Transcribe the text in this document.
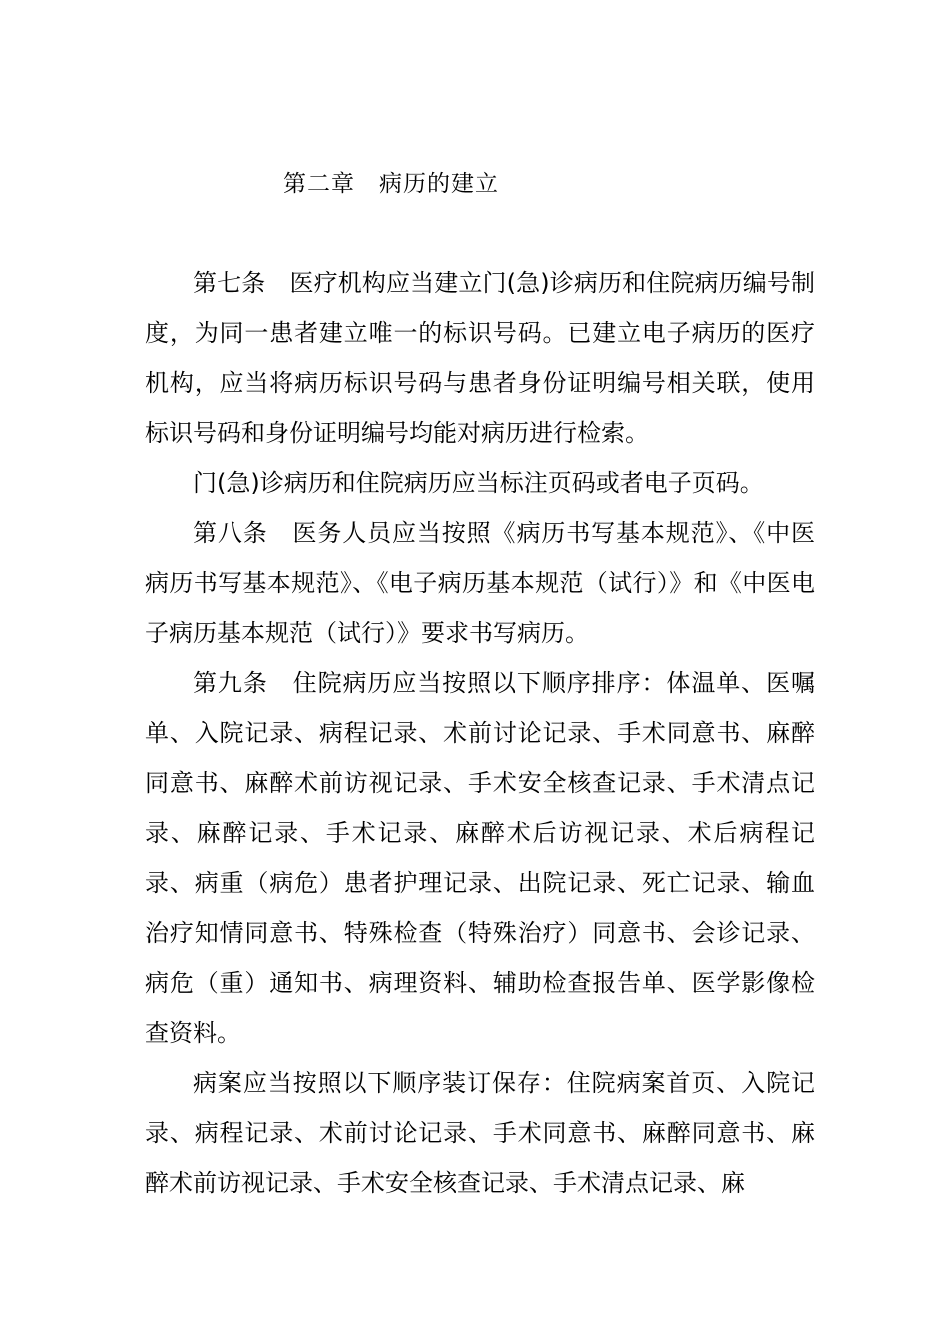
第二章　病历的建立

第七条　医疗机构应当建立门(急)诊病历和住院病历编号制度，为同一患者建立唯一的标识号码。已建立电子病历的医疗机构，应当将病历标识号码与患者身份证明编号相关联，使用标识号码和身份证明编号均能对病历进行检索。

门(急)诊病历和住院病历应当标注页码或者电子页码。

第八条　医务人员应当按照《病历书写基本规范》、《中医病历书写基本规范》、《电子病历基本规范（试行）》和《中医电子病历基本规范（试行）》要求书写病历。

第九条　住院病历应当按照以下顺序排序：体温单、医嘱单、入院记录、病程记录、术前讨论记录、手术同意书、麻醉同意书、麻醉术前访视记录、手术安全核查记录、手术清点记录、麻醉记录、手术记录、麻醉术后访视记录、术后病程记录、病重（病危）患者护理记录、出院记录、死亡记录、输血治疗知情同意书、特殊检查（特殊治疗）同意书、会诊记录、病危（重）通知书、病理资料、辅助检查报告单、医学影像检查资料。

病案应当按照以下顺序装订保存：住院病案首页、入院记录、病程记录、术前讨论记录、手术同意书、麻醉同意书、麻醉术前访视记录、手术安全核查记录、手术清点记录、麻
